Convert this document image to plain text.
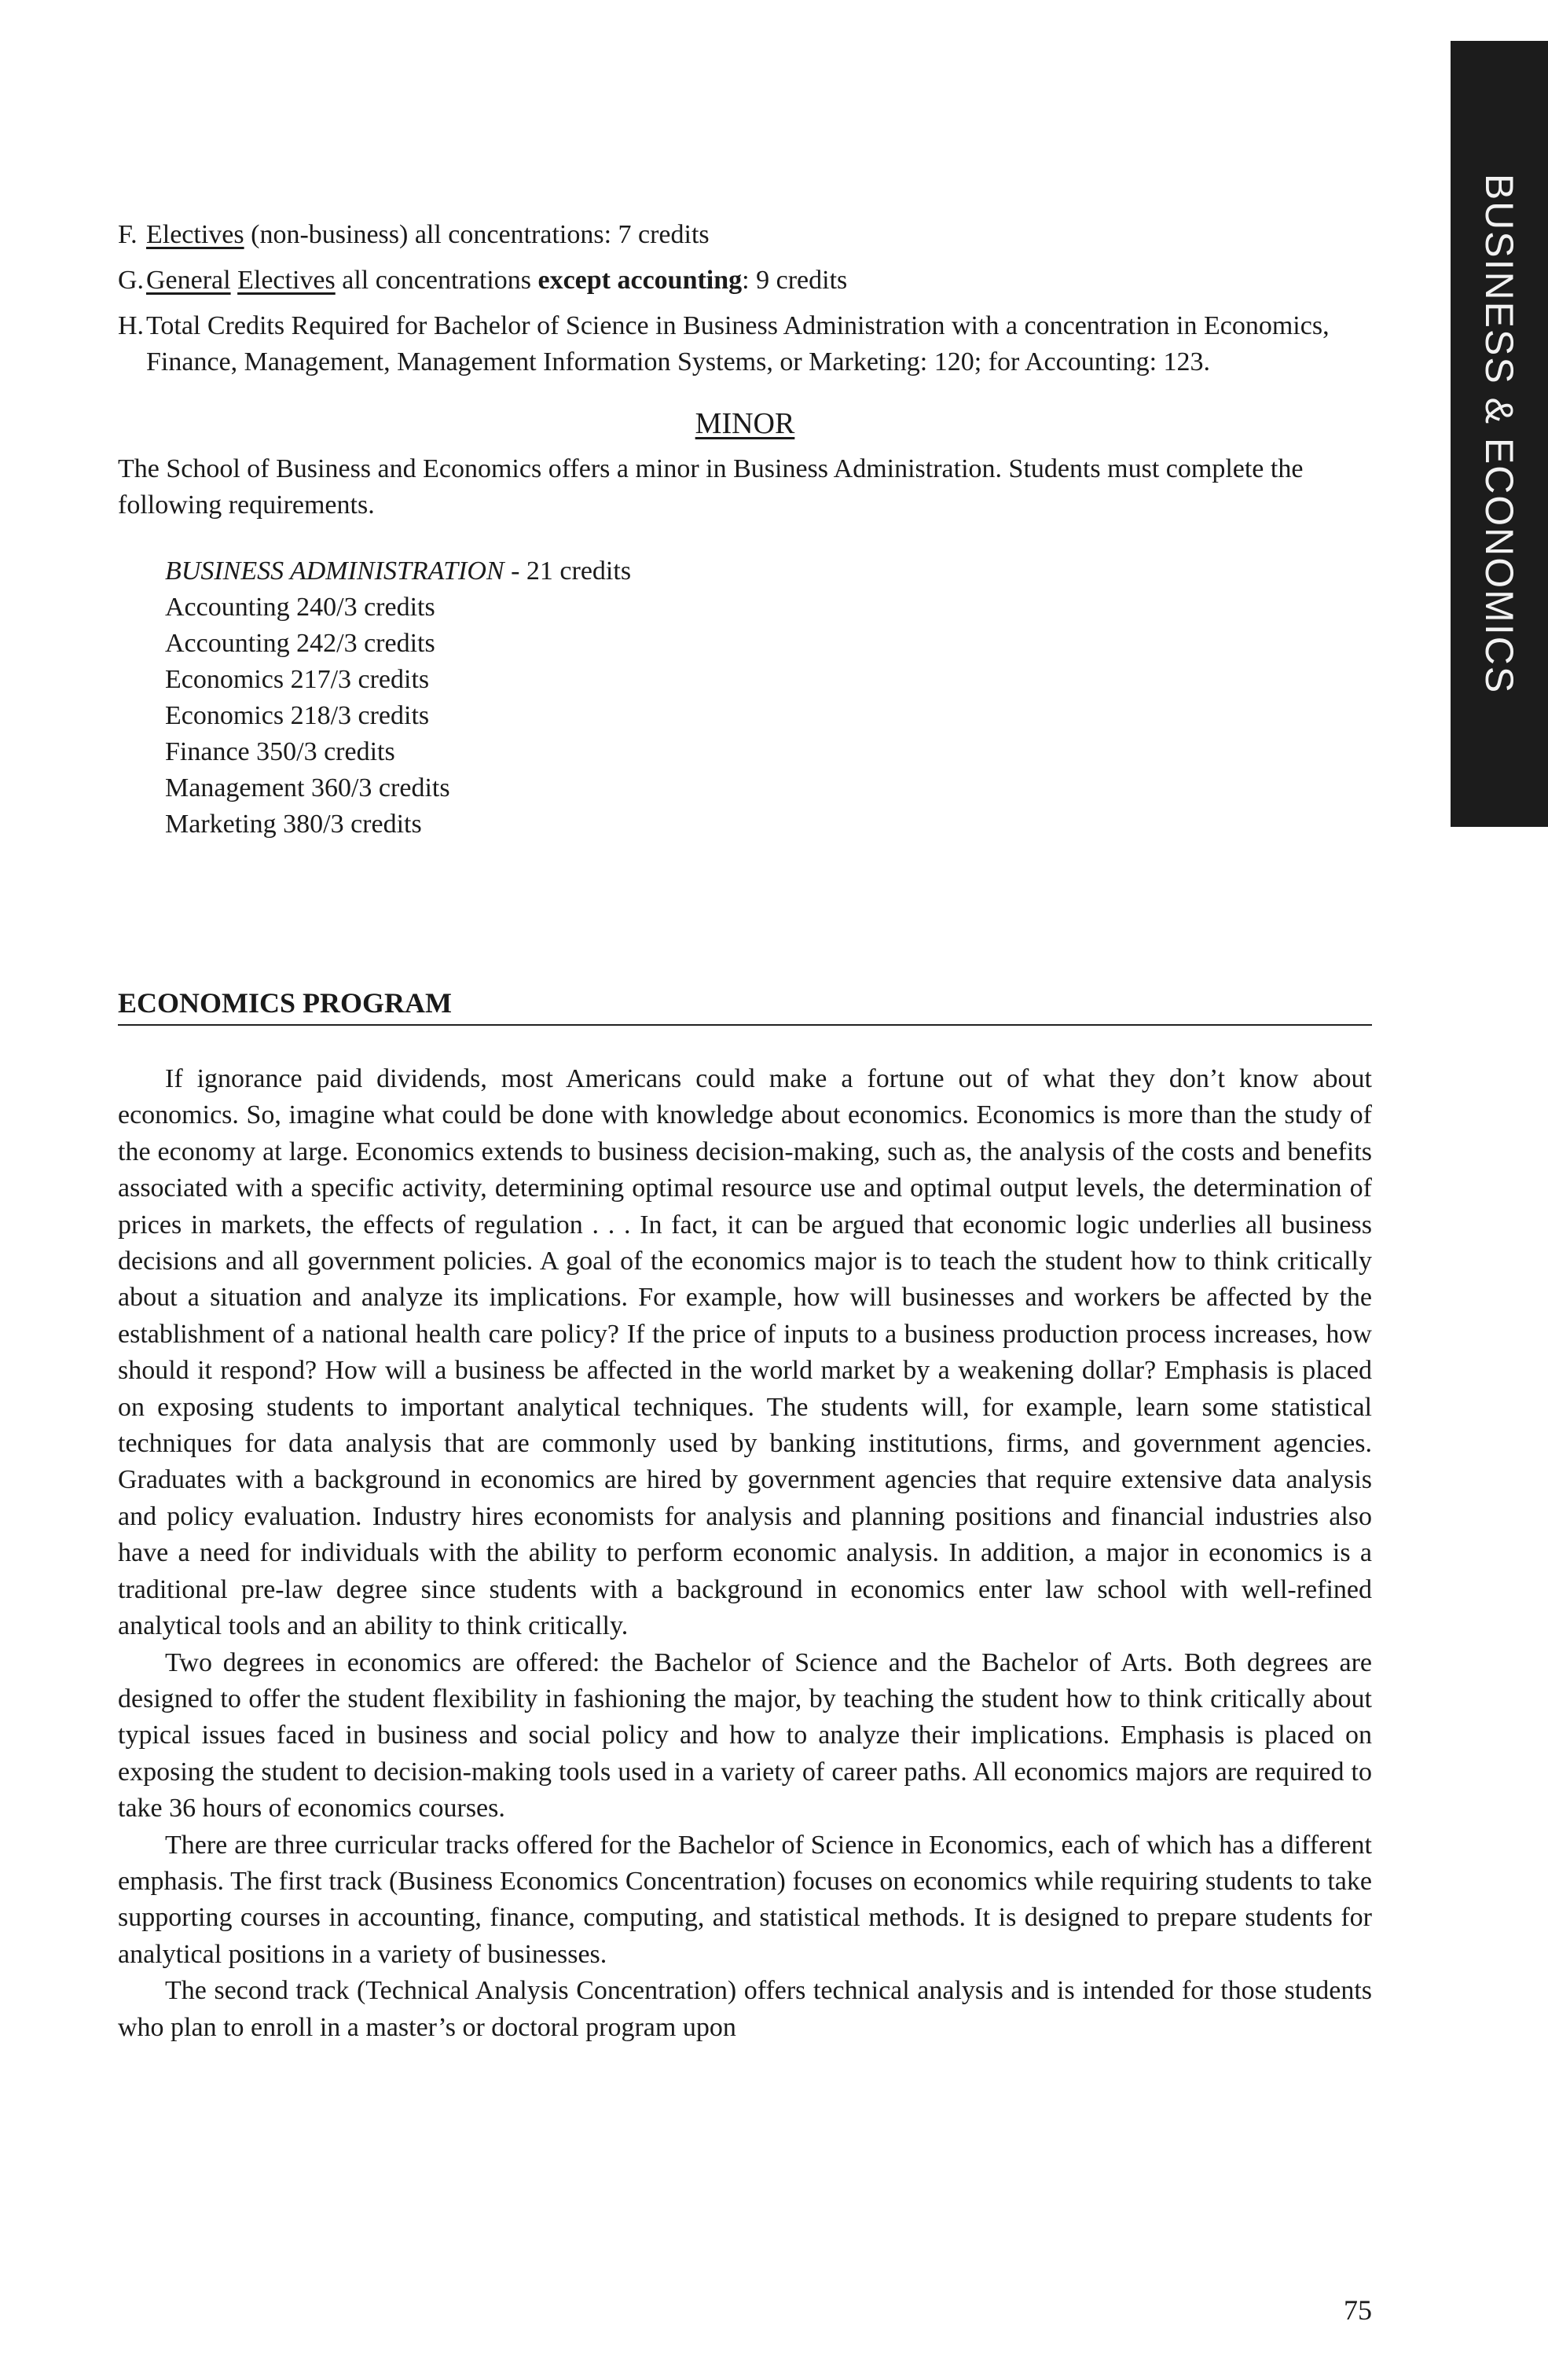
BUSINESS & ECONOMICS
F. Electives (non-business) all concentrations: 7 credits
G. General Electives all concentrations except accounting: 9 credits
H. Total Credits Required for Bachelor of Science in Business Administration with a concentration in Economics, Finance, Management, Management Information Systems, or Marketing: 120; for Accounting: 123.
MINOR

The School of Business and Economics offers a minor in Business Administration. Students must complete the following requirements.

BUSINESS ADMINISTRATION - 21 credits
Accounting 240/3 credits
Accounting 242/3 credits
Economics 217/3 credits
Economics 218/3 credits
Finance 350/3 credits
Management 360/3 credits
Marketing 380/3 credits
ECONOMICS PROGRAM

If ignorance paid dividends, most Americans could make a fortune out of what they don’t know about economics. So, imagine what could be done with knowledge about economics. Economics is more than the study of the economy at large. Economics extends to business decision-making, such as, the analysis of the costs and benefits associated with a specific activity, determining optimal resource use and optimal output levels, the determination of prices in markets, the effects of regulation . . . In fact, it can be argued that economic logic underlies all business decisions and all government policies. A goal of the economics major is to teach the student how to think critically about a situation and analyze its implications. For example, how will businesses and workers be affected by the establishment of a national health care policy? If the price of inputs to a business production process increases, how should it respond? How will a business be affected in the world market by a weakening dollar? Emphasis is placed on exposing students to important analytical techniques. The students will, for example, learn some statistical techniques for data analysis that are commonly used by banking institutions, firms, and government agencies. Graduates with a background in economics are hired by government agencies that require extensive data analysis and policy evaluation. Industry hires economists for analysis and planning positions and financial industries also have a need for individuals with the ability to perform economic analysis. In addition, a major in economics is a traditional pre-law degree since students with a background in economics enter law school with well-refined analytical tools and an ability to think critically.

Two degrees in economics are offered: the Bachelor of Science and the Bachelor of Arts. Both degrees are designed to offer the student flexibility in fashioning the major, by teaching the student how to think critically about typical issues faced in business and social policy and how to analyze their implications. Emphasis is placed on exposing the student to decision-making tools used in a variety of career paths. All economics majors are required to take 36 hours of economics courses.

There are three curricular tracks offered for the Bachelor of Science in Economics, each of which has a different emphasis. The first track (Business Economics Concentration) focuses on economics while requiring students to take supporting courses in accounting, finance, computing, and statistical methods. It is designed to prepare students for analytical positions in a variety of businesses.

The second track (Technical Analysis Concentration) offers technical analysis and is intended for those students who plan to enroll in a master’s or doctoral program upon

75
